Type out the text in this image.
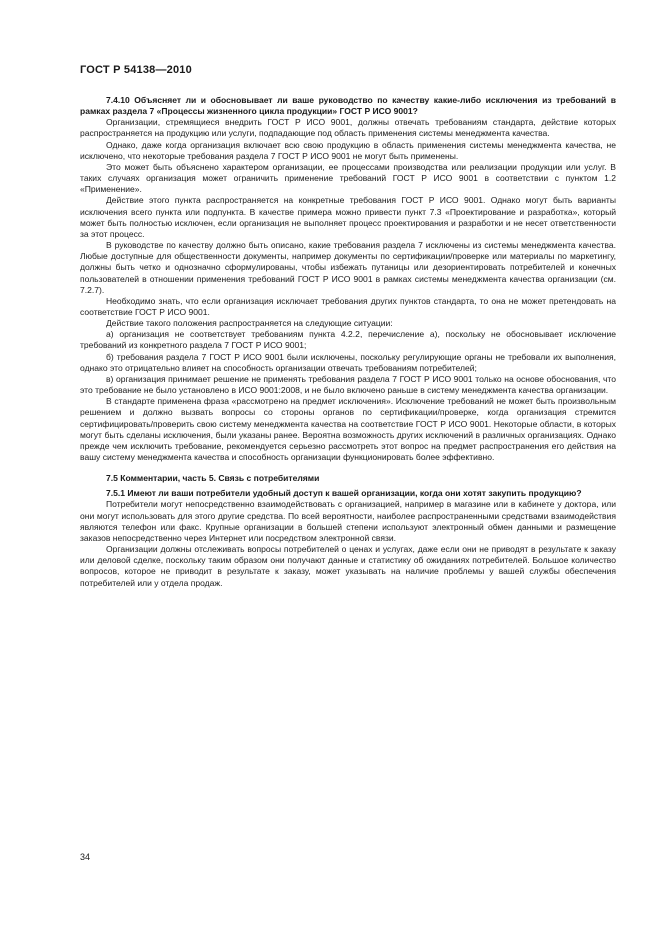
ГОСТ Р 54138—2010

7.4.10 Объясняет ли и обосновывает ли ваше руководство по качеству какие-либо исключения из требований в рамках раздела 7 «Процессы жизненного цикла продукции» ГОСТ Р ИСО 9001?

Организации, стремящиеся внедрить ГОСТ Р ИСО 9001, должны отвечать требованиям стандарта, действие которых распространяется на продукцию или услуги, подпадающие под область применения системы менеджмента качества.

Однако, даже когда организация включает всю свою продукцию в область применения системы менеджмента качества, не исключено, что некоторые требования раздела 7 ГОСТ Р ИСО 9001 не могут быть применены.

Это может быть объяснено характером организации, ее процессами производства или реализации продукции или услуг. В таких случаях организация может ограничить применение требований ГОСТ Р ИСО 9001 в соответствии с пунктом 1.2 «Применение».

Действие этого пункта распространяется на конкретные требования ГОСТ Р ИСО 9001. Однако могут быть варианты исключения всего пункта или подпункта. В качестве примера можно привести пункт 7.3 «Проектирование и разработка», который может быть полностью исключен, если организация не выполняет процесс проектирования и разработки и не несет ответственности за этот процесс.

В руководстве по качеству должно быть описано, какие требования раздела 7 исключены из системы менеджмента качества. Любые доступные для общественности документы, например документы по сертификации/проверке или материалы по маркетингу, должны быть четко и однозначно сформулированы, чтобы избежать путаницы или дезориентировать потребителей и конечных пользователей в отношении применения требований ГОСТ Р ИСО 9001 в рамках системы менеджмента качества организации (см. 7.2.7).

Необходимо знать, что если организация исключает требования других пунктов стандарта, то она не может претендовать на соответствие ГОСТ Р ИСО 9001.

Действие такого положения распространяется на следующие ситуации:

а) организация не соответствует требованиям пункта 4.2.2, перечисление а), поскольку не обосновывает исключение требований из конкретного раздела 7 ГОСТ Р ИСО 9001;

б) требования раздела 7 ГОСТ Р ИСО 9001 были исключены, поскольку регулирующие органы не требовали их выполнения, однако это отрицательно влияет на способность организации отвечать требованиям потребителей;

в) организация принимает решение не применять требования раздела 7 ГОСТ Р ИСО 9001 только на основе обоснования, что это требование не было установлено в ИСО 9001:2008, и не было включено раньше в систему менеджмента качества организации.

В стандарте применена фраза «рассмотрено на предмет исключения». Исключение требований не может быть произвольным решением и должно вызвать вопросы со стороны органов по сертификации/проверке, когда организация стремится сертифицировать/проверить свою систему менеджмента качества на соответствие ГОСТ Р ИСО 9001. Некоторые области, в которых могут быть сделаны исключения, были указаны ранее. Вероятна возможность других исключений в различных организациях. Однако прежде чем исключить требование, рекомендуется серьезно рассмотреть этот вопрос на предмет распространения его действия на вашу систему менеджмента качества и способность организации функционировать более эффективно.

7.5 Комментарии, часть 5. Связь с потребителями

7.5.1 Имеют ли ваши потребители удобный доступ к вашей организации, когда они хотят закупить продукцию?

Потребители могут непосредственно взаимодействовать с организацией, например в магазине или в кабинете у доктора, или они могут использовать для этого другие средства. По всей вероятности, наиболее распространенными средствами взаимодействия являются телефон или факс. Крупные организации в большей степени используют электронный обмен данными и размещение заказов непосредственно через Интернет или посредством электронной связи.

Организации должны отслеживать вопросы потребителей о ценах и услугах, даже если они не приводят в результате к заказу или деловой сделке, поскольку таким образом они получают данные и статистику об ожиданиях потребителей. Большое количество вопросов, которое не приводит в результате к заказу, может указывать на наличие проблемы у вашей службы обеспечения потребителей или у отдела продаж.

34
